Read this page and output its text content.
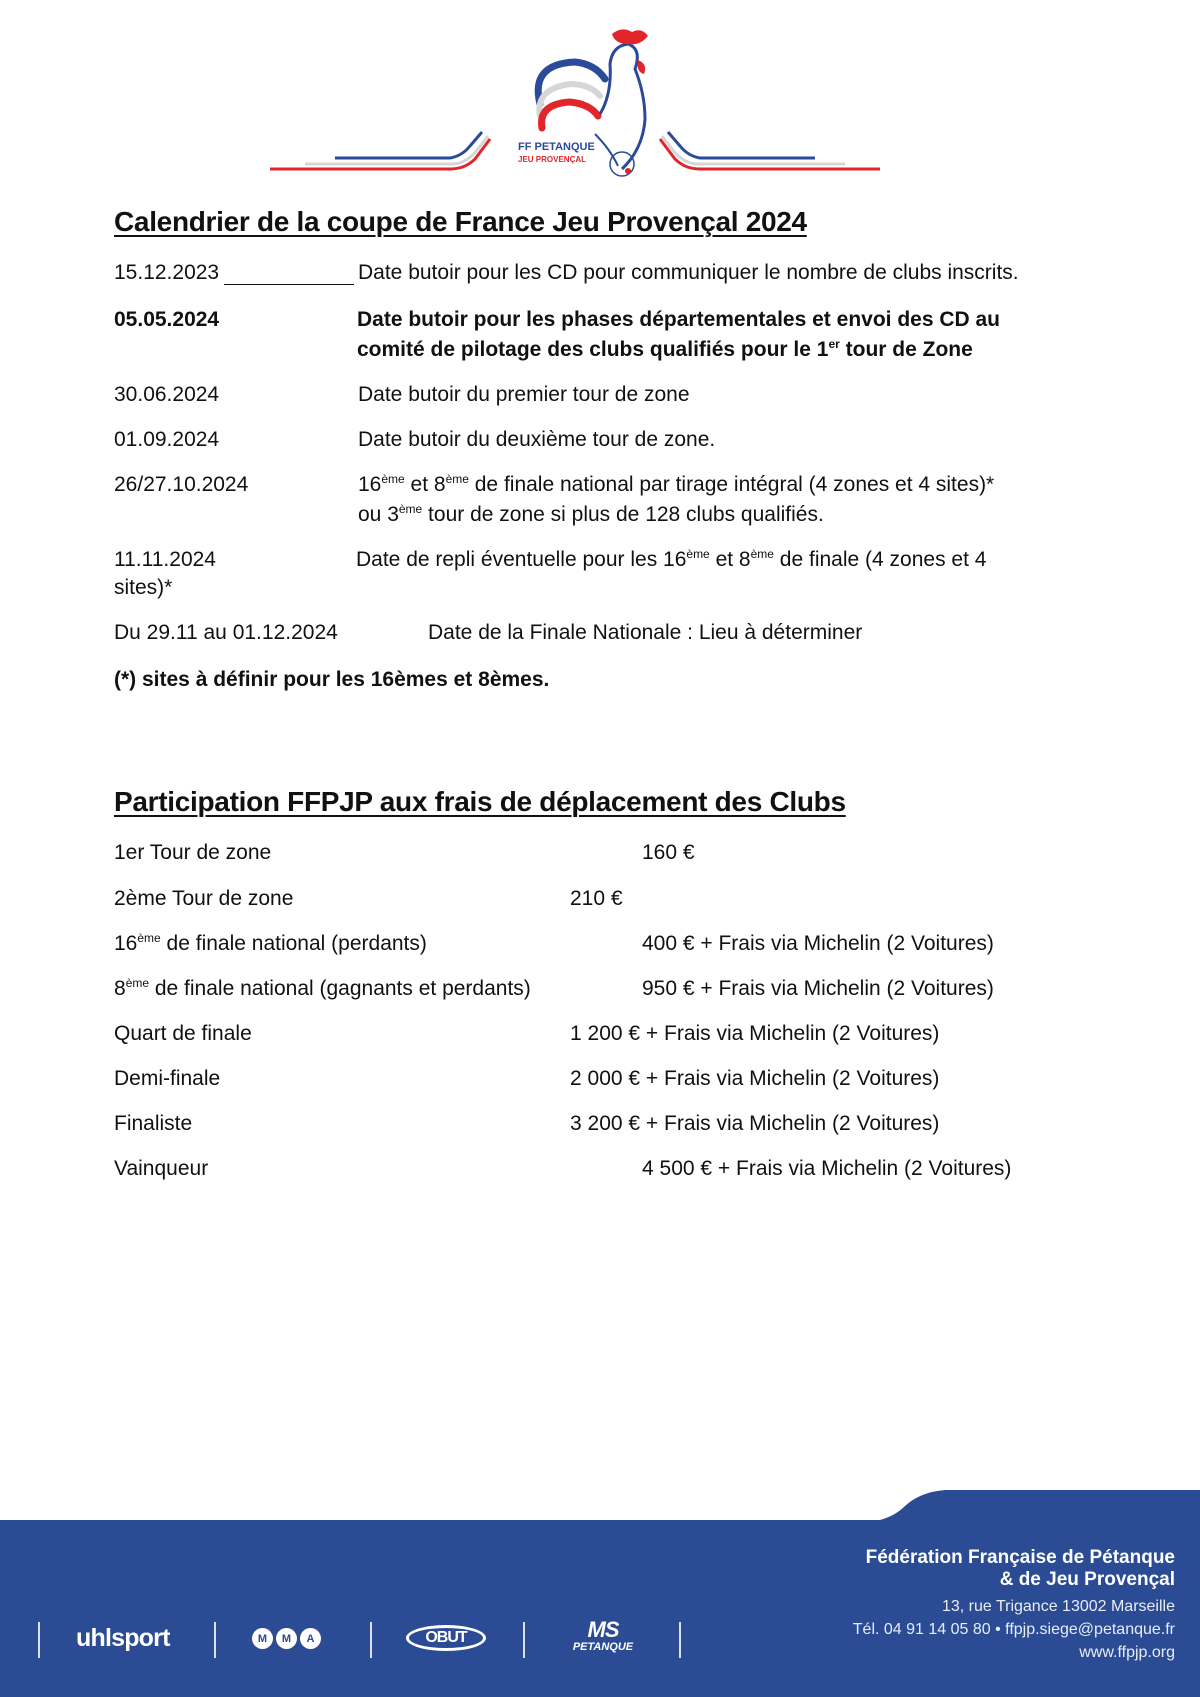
FF PETANQUE
JEU PROVENÇAL
Calendrier de la coupe de France Jeu Provençal 2024
15.12.2023	Date butoir pour les CD pour communiquer le nombre de clubs inscrits.
05.05.2024	Date butoir pour les phases départementales et envoi des CD au
comité de pilotage des clubs qualifiés pour le 1er tour de Zone
30.06.2024	Date butoir du premier tour de zone
01.09.2024	Date butoir du deuxième tour de zone.
26/27.10.2024	16ème et 8ème de finale national par tirage intégral (4 zones et 4 sites)*
ou 3ème tour de zone si plus de 128 clubs qualifiés.
11.11.2024	Date de repli éventuelle pour les 16ème et 8ème de finale (4 zones et 4
sites)*
Du 29.11 au 01.12.2024	Date de la Finale Nationale : Lieu à déterminer
(*) sites à définir pour les 16èmes et 8èmes.
Participation FFPJP aux frais de déplacement des Clubs
1er Tour de zone	160 €
2ème Tour de zone	210 €
16ème de finale national (perdants)	400 € + Frais via Michelin (2 Voitures)
8ème de finale national (gagnants et perdants)	950 € + Frais via Michelin (2 Voitures)
Quart de finale	1 200 € + Frais via Michelin (2 Voitures)
Demi-finale	2 000 € + Frais via Michelin (2 Voitures)
Finaliste	3 200 € + Frais via Michelin (2 Voitures)
Vainqueur	4 500 € + Frais via Michelin (2 Voitures)
uhlsport	M	M	A	OBUT	MS
PETANQUE
Fédération Française de Pétanque
& de Jeu Provençal
13, rue Trigance 13002 Marseille
Tél. 04 91 14 05 80 • ffpjp.siege@petanque.fr
www.ffpjp.org
